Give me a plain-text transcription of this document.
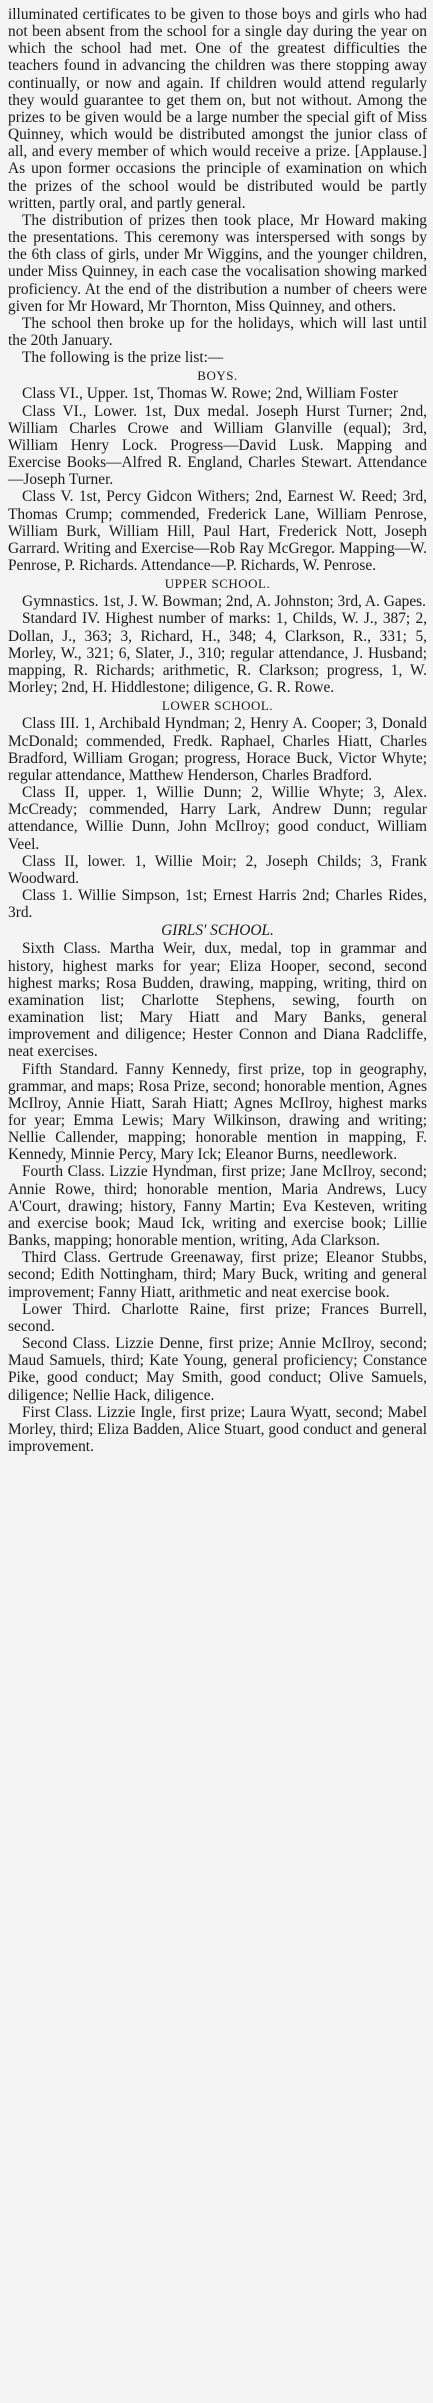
illuminated certificates to be given to those boys and girls who had not been absent from the school for a single day during the year on which the school had met. One of the greatest difficulties the teachers found in advancing the children was there stopping away continually, or now and again. If children would attend regularly they would guarantee to get them on, but not without. Among the prizes to be given would be a large number the special gift of Miss Quinney, which would be distributed amongst the junior class of all, and every member of which would receive a prize. [Applause.] As upon former occasions the principle of examination on which the prizes of the school would be distributed would be partly written, partly oral, and partly general.

The distribution of prizes then took place, Mr Howard making the presentations. This ceremony was interspersed with songs by the 6th class of girls, under Mr Wiggins, and the younger children, under Miss Quinney, in each case the vocalisation showing marked proficiency. At the end of the distribution a number of cheers were given for Mr Howard, Mr Thornton, Miss Quinney, and others.

The school then broke up for the holidays, which will last until the 20th January.

The following is the prize list:—

BOYS.

Class VI., Upper. 1st, Thomas W. Rowe; 2nd, William Foster

Class VI., Lower. 1st, Dux medal. Joseph Hurst Turner; 2nd, William Charles Crowe and William Glanville (equal); 3rd, William Henry Lock. Progress—David Lusk. Mapping and Exercise Books—Alfred R. England, Charles Stewart. Attendance—Joseph Turner.

Class V. 1st, Percy Gidcon Withers; 2nd, Earnest W. Reed; 3rd, Thomas Crump; commended, Frederick Lane, William Penrose, William Burk, William Hill, Paul Hart, Frederick Nott, Joseph Garrard. Writing and Exercise—Rob Ray McGregor. Mapping—W. Penrose, P. Richards. Attendance—P. Richards, W. Penrose.

UPPER SCHOOL.

Gymnastics. 1st, J. W. Bowman; 2nd, A. Johnston; 3rd, A. Gapes.

Standard IV. Highest number of marks: 1, Childs, W. J., 387; 2, Dollan, J., 363; 3, Richard, H., 348; 4, Clarkson, R., 331; 5, Morley, W., 321; 6, Slater, J., 310; regular attendance, J. Husband; mapping, R. Richards; arithmetic, R. Clarkson; progress, 1, W. Morley; 2nd, H. Hiddlestone; diligence, G. R. Rowe.

LOWER SCHOOL.

Class III. 1, Archibald Hyndman; 2, Henry A. Cooper; 3, Donald McDonald; commended, Fredk. Raphael, Charles Hiatt, Charles Bradford, William Grogan; progress, Horace Buck, Victor Whyte; regular attendance, Matthew Henderson, Charles Bradford.

Class II, upper. 1, Willie Dunn; 2, Willie Whyte; 3, Alex. McCready; commended, Harry Lark, Andrew Dunn; regular attendance, Willie Dunn, John McIlroy; good conduct, William Veel.

Class II, lower. 1, Willie Moir; 2, Joseph Childs; 3, Frank Woodward.

Class 1. Willie Simpson, 1st; Ernest Harris 2nd; Charles Rides, 3rd.

GIRLS' SCHOOL.

Sixth Class. Martha Weir, dux, medal, top in grammar and history, highest marks for year; Eliza Hooper, second, second highest marks; Rosa Budden, drawing, mapping, writing, third on examination list; Charlotte Stephens, sewing, fourth on examination list; Mary Hiatt and Mary Banks, general improvement and diligence; Hester Connon and Diana Radcliffe, neat exercises.

Fifth Standard. Fanny Kennedy, first prize, top in geography, grammar, and maps; Rosa Prize, second; honorable mention, Agnes McIlroy, Annie Hiatt, Sarah Hiatt; Agnes McIlroy, highest marks for year; Emma Lewis; Mary Wilkinson, drawing and writing; Nellie Callender, mapping; honorable mention in mapping, F. Kennedy, Minnie Percy, Mary Ick; Eleanor Burns, needlework.

Fourth Class. Lizzie Hyndman, first prize; Jane McIlroy, second; Annie Rowe, third; honorable mention, Maria Andrews, Lucy A'Court, drawing; history, Fanny Martin; Eva Kesteven, writing and exercise book; Maud Ick, writing and exercise book; Lillie Banks, mapping; honorable mention, writing, Ada Clarkson.

Third Class. Gertrude Greenaway, first prize; Eleanor Stubbs, second; Edith Nottingham, third; Mary Buck, writing and general improvement; Fanny Hiatt, arithmetic and neat exercise book.

Lower Third. Charlotte Raine, first prize; Frances Burrell, second.

Second Class. Lizzie Denne, first prize; Annie McIlroy, second; Maud Samuels, third; Kate Young, general proficiency; Constance Pike, good conduct; May Smith, good conduct; Olive Samuels, diligence; Nellie Hack, diligence.

First Class. Lizzie Ingle, first prize; Laura Wyatt, second; Mabel Morley, third; Eliza Badden, Alice Stuart, good conduct and general improvement.
